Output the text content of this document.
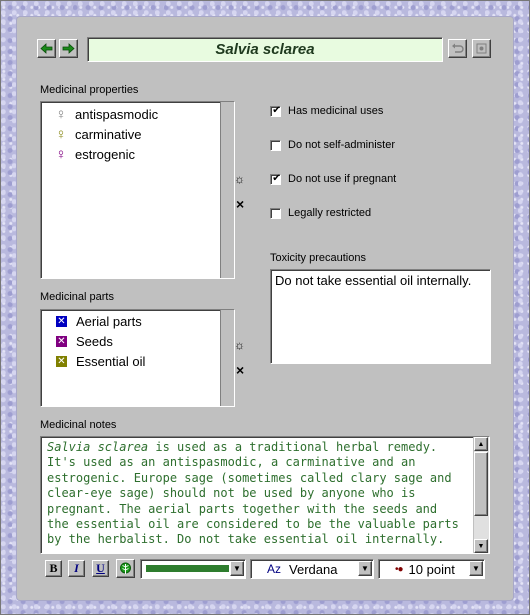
Salvia sclarea
Medicinal properties
♀ antispasmodic
♀ carminative
♀ estrogenic
☼
×
Medicinal parts
✕ Aerial parts
✕ Seeds
✕ Essential oil
☼
×
✔ Has medicinal uses
Do not self-administer
✔ Do not use if pregnant
Legally restricted
Toxicity precautions
Do not take essential oil internally.
Medicinal notes
Salvia sclarea is used as a traditional herbal remedy. It's used as an antispasmodic, a carminative and an estrogenic. Europe sage (sometimes called clary sage and clear-eye sage) should not be used by anyone who is pregnant. The aerial parts together with the seeds and the essential oil are considered to be the valuable parts by the herbalist. Do not take essential oil internally.
▲
▼
B	I	U	▼ Az Verdana	▼	•● 10 point	▼
